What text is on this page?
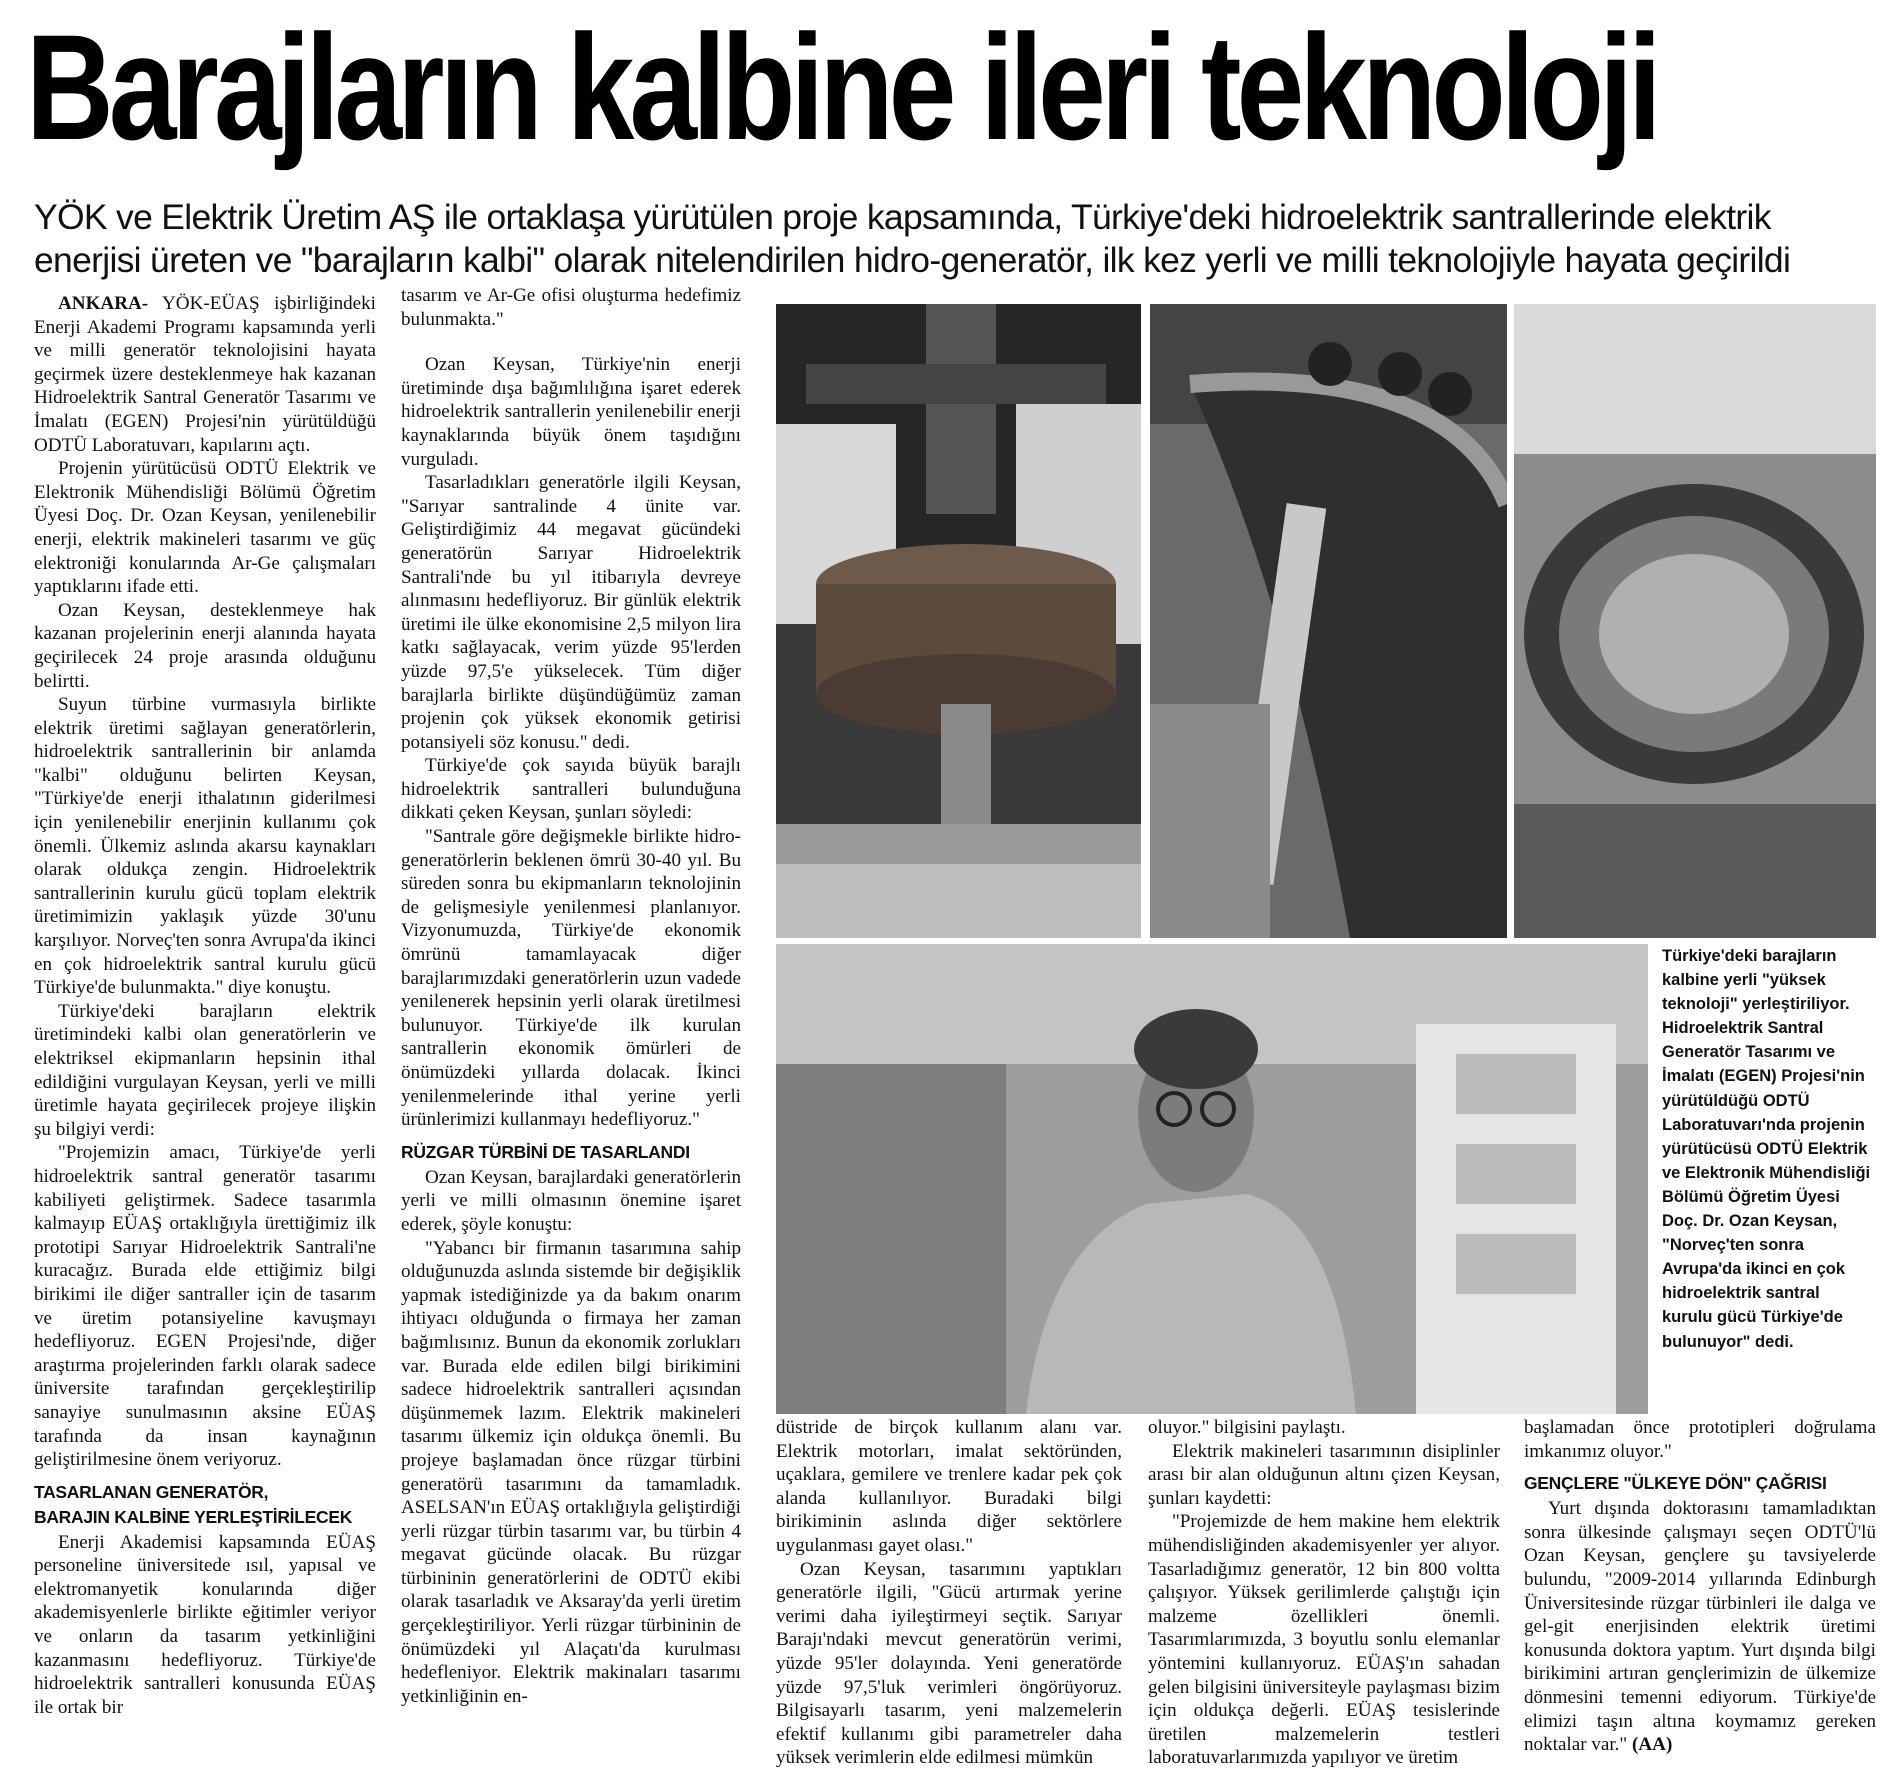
Barajların kalbine ileri teknoloji
YÖK ve Elektrik Üretim AŞ ile ortaklaşa yürütülen proje kapsamında, Türkiye'deki hidroelektrik santrallerinde elektrik enerjisi üreten ve "barajların kalbi" olarak nitelendirilen hidro-generatör, ilk kez yerli ve milli teknolojiyle hayata geçirildi

ANKARA- YÖK-EÜAŞ işbirliğindeki Enerji Akademi Programı kapsamında yerli ve milli generatör teknolojisini hayata geçirmek üzere desteklenmeye hak kazanan Hidroelektrik Santral Generatör Tasarımı ve İmalatı (EGEN) Projesi'nin yürütüldüğü ODTÜ Laboratuvarı, kapılarını açtı.

Projenin yürütücüsü ODTÜ Elektrik ve Elektronik Mühendisliği Bölümü Öğretim Üyesi Doç. Dr. Ozan Keysan, yenilenebilir enerji, elektrik makineleri tasarımı ve güç elektroniği konularında Ar-Ge çalışmaları yaptıklarını ifade etti.

Ozan Keysan, desteklenmeye hak kazanan projelerinin enerji alanında hayata geçirilecek 24 proje arasında olduğunu belirtti.

Suyun türbine vurmasıyla birlikte elektrik üretimi sağlayan generatörlerin, hidroelektrik santrallerinin bir anlamda "kalbi" olduğunu belirten Keysan, "Türkiye'de enerji ithalatının giderilmesi için yenilenebilir enerjinin kullanımı çok önemli. Ülkemiz aslında akarsu kaynakları olarak oldukça zengin. Hidroelektrik santrallerinin kurulu gücü toplam elektrik üretimimizin yaklaşık yüzde 30'unu karşılıyor. Norveç'ten sonra Avrupa'da ikinci en çok hidroelektrik santral kurulu gücü Türkiye'de bulunmakta." diye konuştu.

Türkiye'deki barajların elektrik üretimindeki kalbi olan generatörlerin ve elektriksel ekipmanların hepsinin ithal edildiğini vurgulayan Keysan, yerli ve milli üretimle hayata geçirilecek projeye ilişkin şu bilgiyi verdi:

"Projemizin amacı, Türkiye'de yerli hidroelektrik santral generatör tasarımı kabiliyeti geliştirmek. Sadece tasarımla kalmayıp EÜAŞ ortaklığıyla ürettiğimiz ilk prototipi Sarıyar Hidroelektrik Santrali'ne kuracağız. Burada elde ettiğimiz bilgi birikimi ile diğer santraller için de tasarım ve üretim potansiyeline kavuşmayı hedefliyoruz. EGEN Projesi'nde, diğer araştırma projelerinden farklı olarak sadece üniversite tarafından gerçekleştirilip sanayiye sunulmasının aksine EÜAŞ tarafında da insan kaynağının geliştirilmesine önem veriyoruz.

TASARLANAN GENERATÖR,
BARAJIN KALBİNE YERLEŞTİRİLECEK

Enerji Akademisi kapsamında EÜAŞ personeline üniversitede ısıl, yapısal ve elektromanyetik konularında diğer akademisyenlerle birlikte eğitimler veriyor ve onların da tasarım yetkinliğini kazanmasını hedefliyoruz. Türkiye'de hidroelektrik santralleri konusunda EÜAŞ ile ortak bir

tasarım ve Ar-Ge ofisi oluşturma hedefimiz bulunmakta."

Ozan Keysan, Türkiye'nin enerji üretiminde dışa bağımlılığına işaret ederek hidroelektrik santrallerin yenilenebilir enerji kaynaklarında büyük önem taşıdığını vurguladı.

Tasarladıkları generatörle ilgili Keysan, "Sarıyar santralinde 4 ünite var. Geliştirdiğimiz 44 megavat gücündeki generatörün Sarıyar Hidroelektrik Santrali'nde bu yıl itibarıyla devreye alınmasını hedefliyoruz. Bir günlük elektrik üretimi ile ülke ekonomisine 2,5 milyon lira katkı sağlayacak, verim yüzde 95'lerden yüzde 97,5'e yükselecek. Tüm diğer barajlarla birlikte düşündüğümüz zaman projenin çok yüksek ekonomik getirisi potansiyeli söz konusu." dedi.

Türkiye'de çok sayıda büyük barajlı hidroelektrik santralleri bulunduğuna dikkati çeken Keysan, şunları söyledi:

"Santrale göre değişmekle birlikte hidro-generatörlerin beklenen ömrü 30-40 yıl. Bu süreden sonra bu ekipmanların teknolojinin de gelişmesiyle yenilenmesi planlanıyor. Vizyonumuzda, Türkiye'de ekonomik ömrünü tamamlayacak diğer barajlarımızdaki generatörlerin uzun vadede yenilenerek hepsinin yerli olarak üretilmesi bulunuyor. Türkiye'de ilk kurulan santrallerin ekonomik ömürleri de önümüzdeki yıllarda dolacak. İkinci yenilenmelerinde ithal yerine yerli ürünlerimizi kullanmayı hedefliyoruz."

RÜZGAR TÜRBİNİ DE TASARLANDI

Ozan Keysan, barajlardaki generatörlerin yerli ve milli olmasının önemine işaret ederek, şöyle konuştu:

"Yabancı bir firmanın tasarımına sahip olduğunuzda aslında sistemde bir değişiklik yapmak istediğinizde ya da bakım onarım ihtiyacı olduğunda o firmaya her zaman bağımlısınız. Bunun da ekonomik zorlukları var. Burada elde edilen bilgi birikimini sadece hidroelektrik santralleri açısından düşünmemek lazım. Elektrik makineleri tasarımı ülkemiz için oldukça önemli. Bu projeye başlamadan önce rüzgar türbini generatörü tasarımını da tamamladık. ASELSAN'ın EÜAŞ ortaklığıyla geliştirdiği yerli rüzgar türbin tasarımı var, bu türbin 4 megavat gücünde olacak. Bu rüzgar türbininin generatörlerini de ODTÜ ekibi olarak tasarladık ve Aksaray'da yerli üretim gerçekleştiriliyor. Yerli rüzgar türbininin de önümüzdeki yıl Alaçatı'da kurulması hedefleniyor. Elektrik makinaları tasarımı yetkinliğinin en-

Türkiye'deki barajların kalbine yerli "yüksek teknoloji" yerleştiriliyor. Hidroelektrik Santral Generatör Tasarımı ve İmalatı (EGEN) Projesi'nin yürütüldüğü ODTÜ Laboratuvarı'nda projenin yürütücüsü ODTÜ Elektrik ve Elektronik Mühendisliği Bölümü Öğretim Üyesi Doç. Dr. Ozan Keysan, "Norveç'ten sonra Avrupa'da ikinci en çok hidroelektrik santral kurulu gücü Türkiye'de bulunuyor" dedi.

düstride de birçok kullanım alanı var. Elektrik motorları, imalat sektöründen, uçaklara, gemilere ve trenlere kadar pek çok alanda kullanılıyor. Buradaki bilgi birikiminin aslında diğer sektörlere uygulanması gayet olası."

Ozan Keysan, tasarımını yaptıkları generatörle ilgili, "Gücü artırmak yerine verimi daha iyileştirmeyi seçtik. Sarıyar Barajı'ndaki mevcut generatörün verimi, yüzde 95'ler dolayında. Yeni generatörde yüzde 97,5'luk verimleri öngörüyoruz. Bilgisayarlı tasarım, yeni malzemelerin efektif kullanımı gibi parametreler daha yüksek verimlerin elde edilmesi mümkün

oluyor." bilgisini paylaştı.

Elektrik makineleri tasarımının disiplinler arası bir alan olduğunun altını çizen Keysan, şunları kaydetti:

"Projemizde de hem makine hem elektrik mühendisliğinden akademisyenler yer alıyor. Tasarladığımız generatör, 12 bin 800 voltta çalışıyor. Yüksek gerilimlerde çalıştığı için malzeme özellikleri önemli. Tasarımlarımızda, 3 boyutlu sonlu elemanlar yöntemini kullanıyoruz. EÜAŞ'ın sahadan gelen bilgisini üniversiteyle paylaşması bizim için oldukça değerli. EÜAŞ tesislerinde üretilen malzemelerin testleri laboratuvarlarımızda yapılıyor ve üretim

başlamadan önce prototipleri doğrulama imkanımız oluyor."

GENÇLERE "ÜLKEYE DÖN" ÇAĞRISI

Yurt dışında doktorasını tamamladıktan sonra ülkesinde çalışmayı seçen ODTÜ'lü Ozan Keysan, gençlere şu tavsiyelerde bulundu, "2009-2014 yıllarında Edinburgh Üniversitesinde rüzgar türbinleri ile dalga ve gel-git enerjisinden elektrik üretimi konusunda doktora yaptım. Yurt dışında bilgi birikimini artıran gençlerimizin de ülkemize dönmesini temenni ediyorum. Türkiye'de elimizi taşın altına koymamız gereken noktalar var." (AA)
